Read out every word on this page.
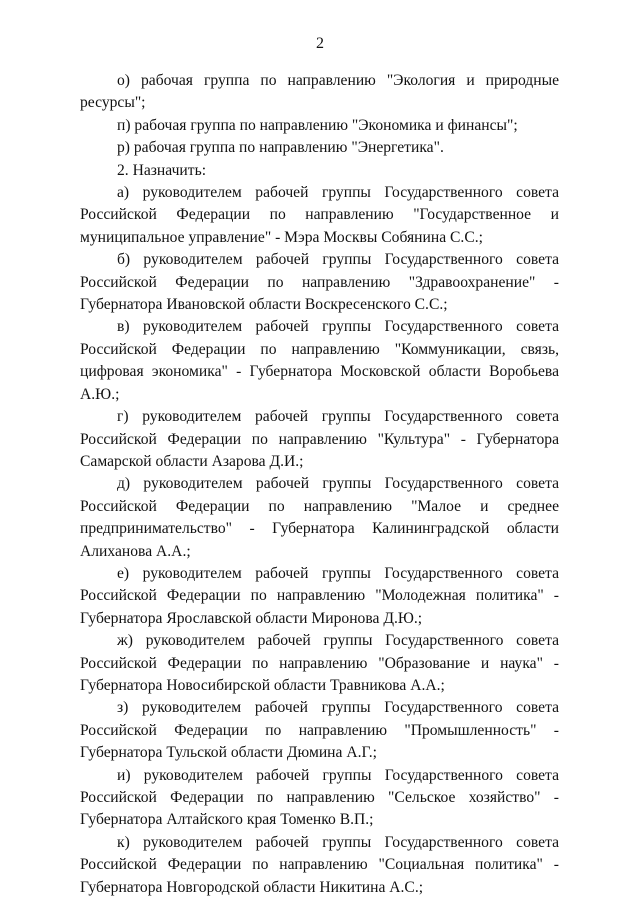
2

о) рабочая группа по направлению "Экология и природные ресурсы";

п) рабочая группа по направлению "Экономика и финансы";

р) рабочая группа по направлению "Энергетика".

2. Назначить:

а) руководителем рабочей группы Государственного совета Российской Федерации по направлению "Государственное и муниципальное управление" - Мэра Москвы Собянина С.С.;

б) руководителем рабочей группы Государственного совета Российской Федерации по направлению "Здравоохранение" - Губернатора Ивановской области Воскресенского С.С.;

в) руководителем рабочей группы Государственного совета Российской Федерации по направлению "Коммуникации, связь, цифровая экономика" - Губернатора Московской области Воробьева А.Ю.;

г) руководителем рабочей группы Государственного совета Российской Федерации по направлению "Культура" - Губернатора Самарской области Азарова Д.И.;

д) руководителем рабочей группы Государственного совета Российской Федерации по направлению "Малое и среднее предпринимательство" - Губернатора Калининградской области Алиханова А.А.;

е) руководителем рабочей группы Государственного совета Российской Федерации по направлению "Молодежная политика" - Губернатора Ярославской области Миронова Д.Ю.;

ж) руководителем рабочей группы Государственного совета Российской Федерации по направлению "Образование и наука" - Губернатора Новосибирской области Травникова А.А.;

з) руководителем рабочей группы Государственного совета Российской Федерации по направлению "Промышленность" - Губернатора Тульской области Дюмина А.Г.;

и) руководителем рабочей группы Государственного совета Российской Федерации по направлению "Сельское хозяйство" - Губернатора Алтайского края Томенко В.П.;

к) руководителем рабочей группы Государственного совета Российской Федерации по направлению "Социальная политика" - Губернатора Новгородской области Никитина А.С.;
